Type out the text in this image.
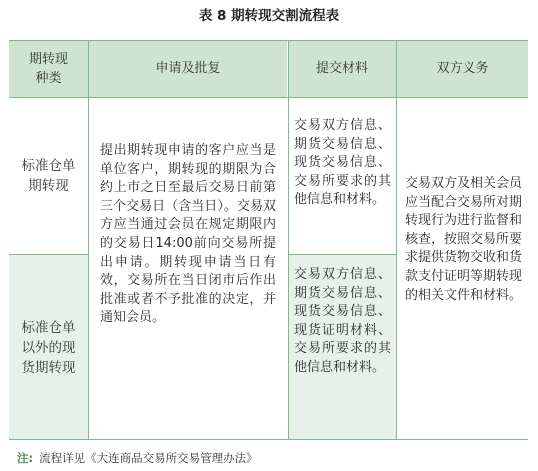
表 8 期转现交割流程表
期转现
种类
申请及批复	提交材料	双方义务
标准仓单
期转现
标准仓单
以外的现
货期转现
提出期转现申请的客户应当是单位客户，期转现的期限为合约上市之日至最后交易日前第三个交易日（含当日）。交易双方应当通过会员在规定期限内的交易日14:00前向交易所提出申请。期转现申请当日有效，交易所在当日闭市后作出批准或者不予批准的决定，并通知会员。
交易双方信息、期货交易信息、现货交易信息、交易所要求的其他信息和材料。
交易双方信息、期货交易信息、现货交易信息、现货证明材料、交易所要求的其他信息和材料。
交易双方及相关会员应当配合交易所对期转现行为进行监督和核查，按照交易所要求提供货物交收和货款支付证明等期转现的相关文件和材料。
注: 流程详见《大连商品交易所交易管理办法》
